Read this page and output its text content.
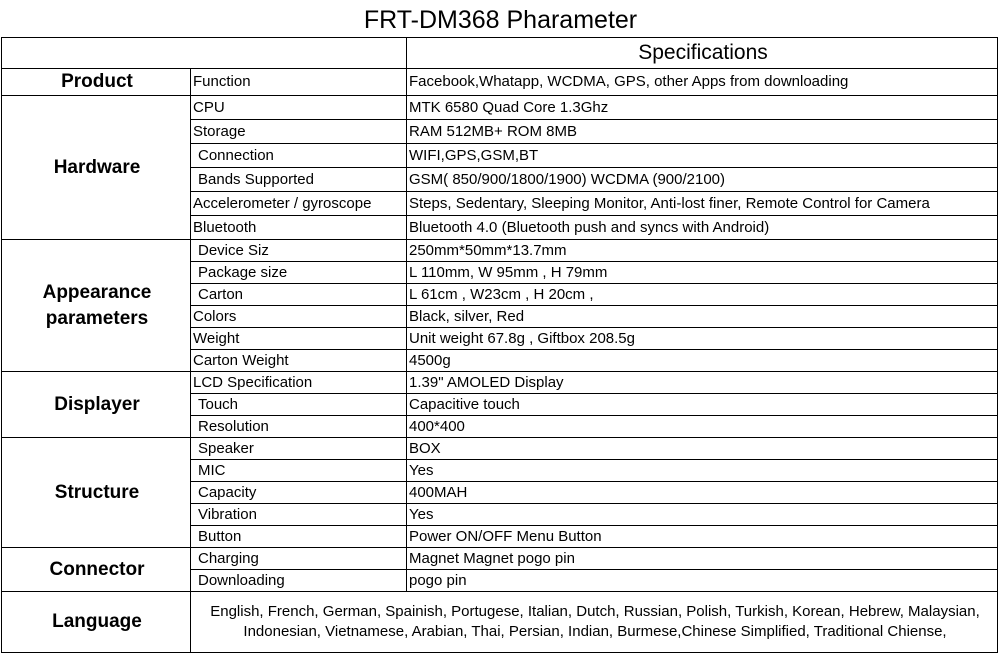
FRT-DM368 Pharameter		
		Specifications
Product	Function	Facebook,Whatapp, WCDMA, GPS, other Apps from downloading
Hardware	CPU	MTK 6580 Quad Core 1.3Ghz
	Storage	RAM 512MB+ ROM 8MB
	Connection	WIFI,GPS,GSM,BT
	Bands Supported	GSM( 850/900/1800/1900) WCDMA (900/2100)
	Accelerometer / gyroscope	Steps, Sedentary, Sleeping Monitor, Anti-lost finer, Remote Control for Camera
	Bluetooth	Bluetooth 4.0 (Bluetooth push and syncs with Android)
Appearance
parameters	Device Siz	250mm*50mm*13.7mm
	Package size	L 110mm, W 95mm , H 79mm
	Carton	L 61cm , W23cm , H 20cm ,
	Colors	Black, silver, Red
	Weight	Unit weight 67.8g , Giftbox 208.5g
	Carton Weight	4500g
Displayer	LCD Specification	1.39" AMOLED Display
	Touch	Capacitive touch
	Resolution	400*400
Structure	Speaker	BOX
	MIC	Yes
	Capacity	400MAH
	Vibration	Yes
	Button	Power ON/OFF Menu Button
Connector	Charging	Magnet Magnet pogo pin
	Downloading	pogo pin
Language	English, French, German, Spainish, Portugese, Italian, Dutch, Russian, Polish, Turkish, Korean, Hebrew, Malaysian,
Indonesian, Vietnamese, Arabian, Thai, Persian, Indian, Burmese,Chinese Simplified, Traditional Chiense,	
